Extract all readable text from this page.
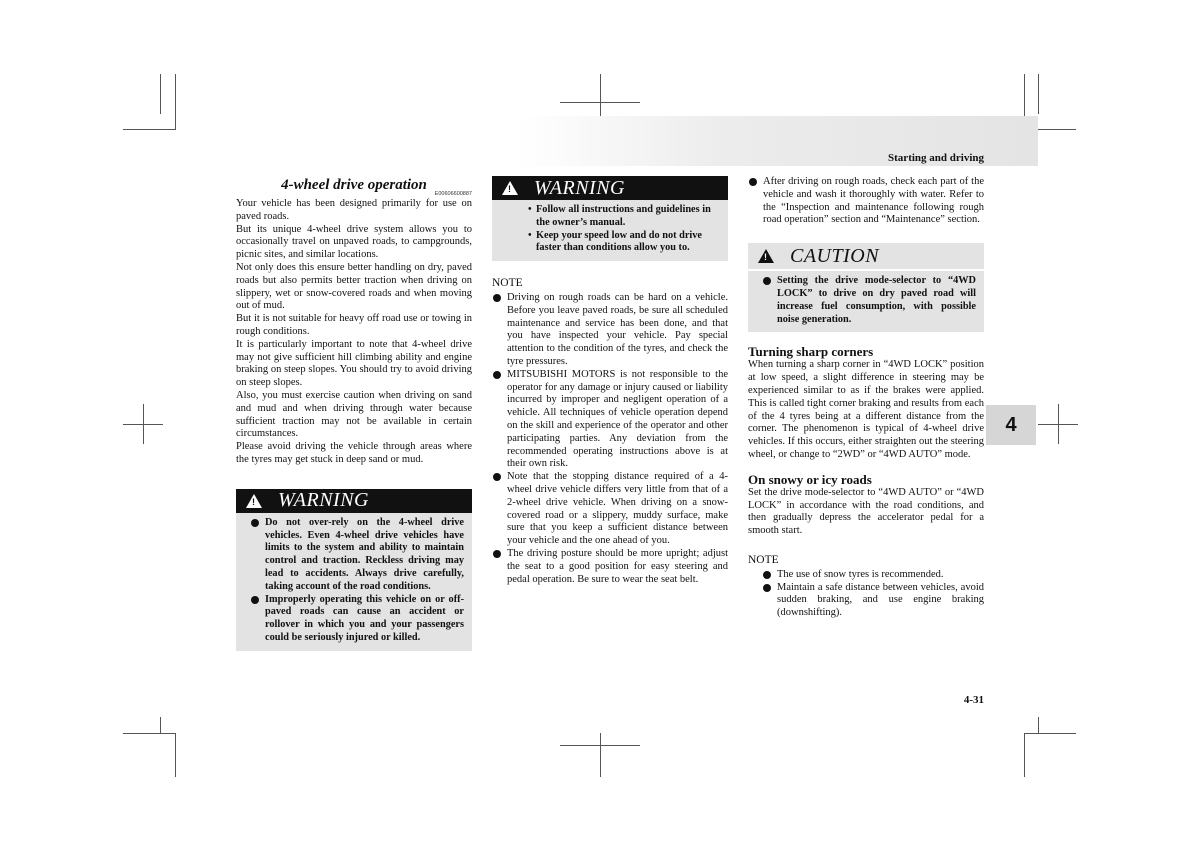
Starting and driving
4
4-31
4-wheel drive operation
E00606600887

Your vehicle has been designed primarily for use on paved roads.

But its unique 4-wheel drive system allows you to occasionally travel on unpaved roads, to campgrounds, picnic sites, and similar locations.

Not only does this ensure better handling on dry, paved roads but also permits better traction when driving on slippery, wet or snow-covered roads and when moving out of mud.

But it is not suitable for heavy off road use or towing in rough conditions.

It is particularly important to note that 4-wheel drive may not give sufficient hill climbing ability and engine braking on steep slopes. You should try to avoid driving on steep slopes.

Also, you must exercise caution when driving on sand and mud and when driving through water because sufficient traction may not be available in certain circumstances.

Please avoid driving the vehicle through areas where the tyres may get stuck in deep sand or mud.

! WARNING
Do not over-rely on the 4-wheel drive vehicles. Even 4-wheel drive vehicles have limits to the system and ability to maintain control and traction. Reckless driving may lead to accidents. Always drive carefully, taking account of the road conditions.
Improperly operating this vehicle on or off-paved roads can cause an accident or rollover in which you and your passengers could be seriously injured or killed.
! WARNING
• Follow all instructions and guidelines in the owner’s manual.
• Keep your speed low and do not drive faster than conditions allow you to.
NOTE
Driving on rough roads can be hard on a vehicle. Before you leave paved roads, be sure all scheduled maintenance and service has been done, and that you have inspected your vehicle. Pay special attention to the condition of the tyres, and check the tyre pressures.
MITSUBISHI MOTORS is not responsible to the operator for any damage or injury caused or liability incurred by improper and negligent operation of a vehicle. All techniques of vehicle operation depend on the skill and experience of the operator and other participating parties. Any deviation from the recommended operating instructions above is at their own risk.
Note that the stopping distance required of a 4-wheel drive vehicle differs very little from that of a 2-wheel drive vehicle. When driving on a snow-covered road or a slippery, muddy surface, make sure that you keep a sufficient distance between your vehicle and the one ahead of you.
The driving posture should be more upright; adjust the seat to a good position for easy steering and pedal operation. Be sure to wear the seat belt.
After driving on rough roads, check each part of the vehicle and wash it thoroughly with water. Refer to the “Inspection and maintenance following rough road operation” section and “Maintenance” section.
! CAUTION
Setting the drive mode-selector to “4WD LOCK” to drive on dry paved road will increase fuel consumption, with possible noise generation.
Turning sharp corners

When turning a sharp corner in “4WD LOCK” position at low speed, a slight difference in steering may be experienced similar to as if the brakes were applied. This is called tight corner braking and results from each of the 4 tyres being at a different distance from the corner. The phenomenon is typical of 4-wheel drive vehicles. If this occurs, either straighten out the steering wheel, or change to “2WD” or “4WD AUTO” mode.

On snowy or icy roads

Set the drive mode-selector to “4WD AUTO” or “4WD LOCK” in accordance with the road conditions, and then gradually depress the accelerator pedal for a smooth start.

NOTE
The use of snow tyres is recommended.
Maintain a safe distance between vehicles, avoid sudden braking, and use engine braking (downshifting).
